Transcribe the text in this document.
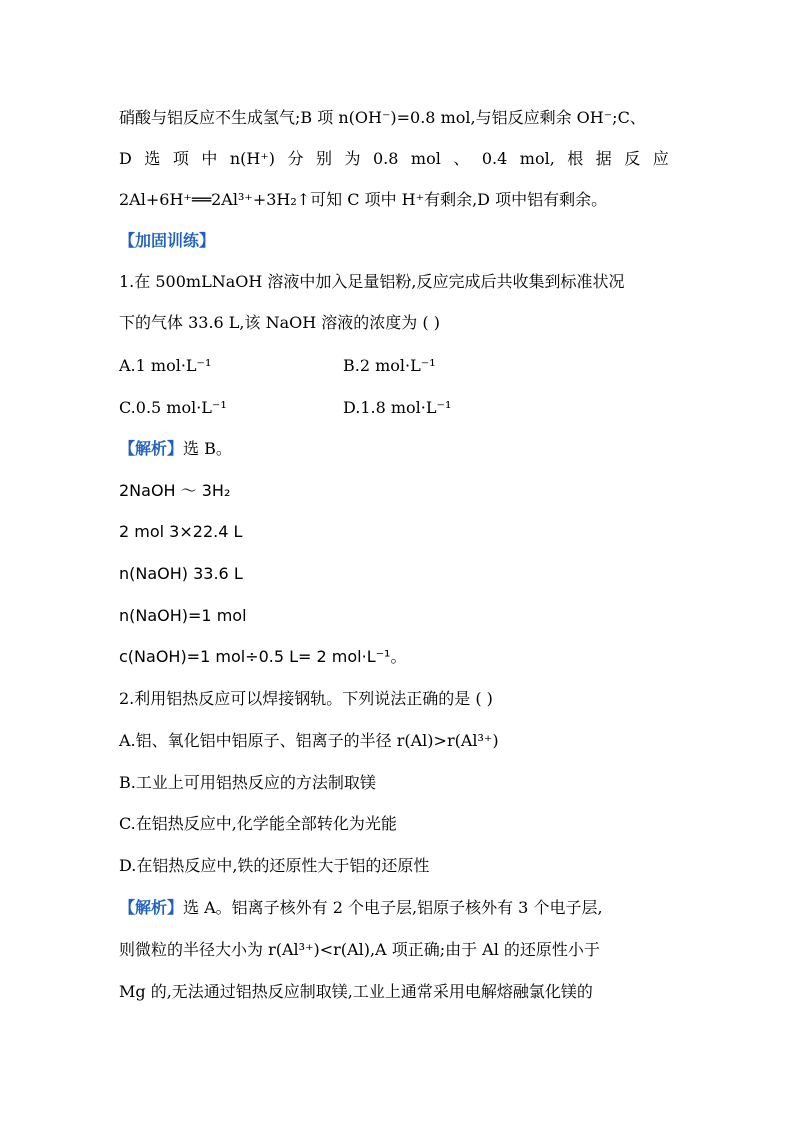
硝酸与铝反应不生成氢气;B 项 n(OH⁻)=0.8 mol,与铝反应剩余 OH⁻;C、
D 选 项 中 n(H⁺) 分 别 为 0.8 mol 、 0.4 mol, 根 据 反 应
2Al+6H⁺══2Al³⁺+3H₂↑可知 C 项中 H⁺有剩余,D 项中铝有剩余。
【加固训练】
1.在 500mLNaOH 溶液中加入足量铝粉,反应完成后共收集到标准状况
下的气体 33.6 L,该 NaOH 溶液的浓度为 ( )
A.1 mol·L⁻¹	B.2 mol·L⁻¹
C.0.5 mol·L⁻¹	D.1.8 mol·L⁻¹
【解析】选 B。
2NaOH ～ 3H₂
2 mol 3×22.4 L
n(NaOH) 33.6 L
n(NaOH)=1 mol
c(NaOH)=1 mol÷0.5 L= 2 mol·L⁻¹。
2.利用铝热反应可以焊接钢轨。下列说法正确的是 ( )
A.铝、氧化铝中铝原子、铝离子的半径 r(Al)>r(Al³⁺)
B.工业上可用铝热反应的方法制取镁
C.在铝热反应中,化学能全部转化为光能
D.在铝热反应中,铁的还原性大于铝的还原性
【解析】选 A。铝离子核外有 2 个电子层,铝原子核外有 3 个电子层,
则微粒的半径大小为 r(Al³⁺)<r(Al),A 项正确;由于 Al 的还原性小于
Mg 的,无法通过铝热反应制取镁,工业上通常采用电解熔融氯化镁的
